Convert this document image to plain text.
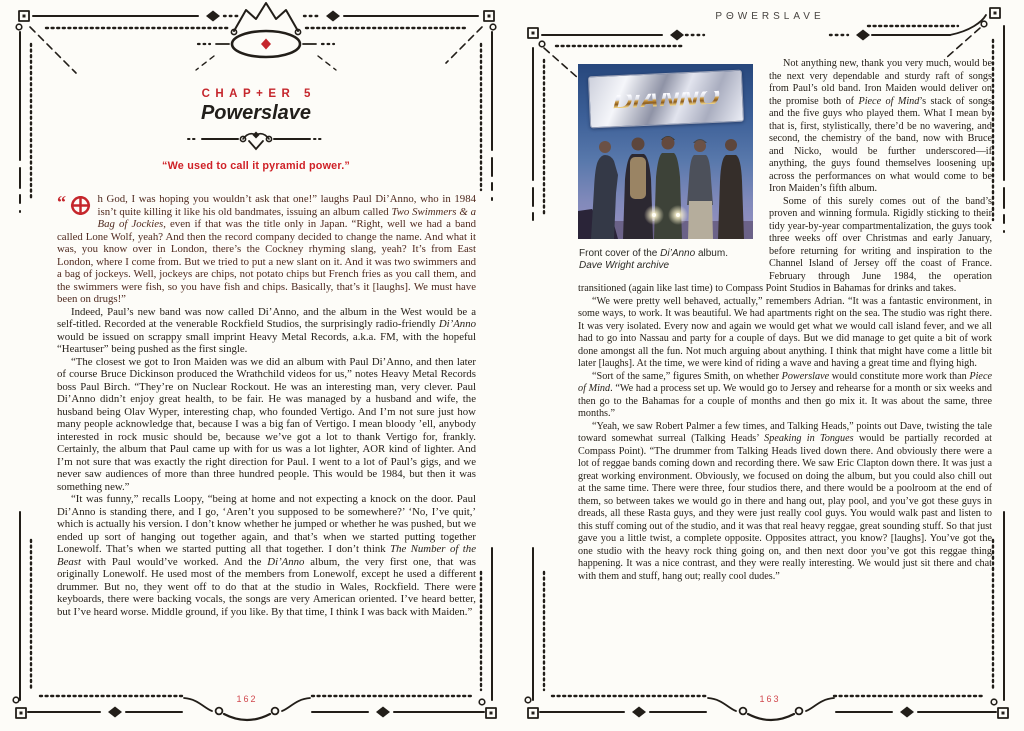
CHAP+ER 5
Powerslave
“We used to call it pyramid power.”

“	h God, I was hoping you wouldn’t ask that one!” laughs Paul Di’Anno, who in 1984 isn’t quite killing it like his old bandmates, issuing an album called Two Swimmers & a Bag of Jockies, even if that was the title only in Japan. “Right, well we had a band called Lone Wolf, yeah? And then the record company decided to change the name. And what it was, you know over in London, there’s the Cockney rhyming slang, yeah? It’s from East London, where I come from. But we tried to put a new slant on it. And it was two swimmers and a bag of jockeys. Well, jockeys are chips, not potato chips but French fries as you call them, and the swimmers were fish, so you have fish and chips. Basically, that’s it [laughs]. We must have been on drugs!”

Indeed, Paul’s new band was now called Di’Anno, and the album in the West would be a self-titled. Recorded at the venerable Rockfield Studios, the surprisingly radio-friendly Di’Anno would be issued on scrappy small imprint Heavy Metal Records, a.k.a. FM, with the hopeful “Heartuser” being pushed as the first single.

“The closest we got to Iron Maiden was we did an album with Paul Di’Anno, and then later of course Bruce Dickinson produced the Wrathchild videos for us,” notes Heavy Metal Records boss Paul Birch. “They’re on Nuclear Rockout. He was an interesting man, very clever. Paul Di’Anno didn’t enjoy great health, to be fair. He was managed by a husband and wife, the husband being Olav Wyper, interesting chap, who founded Vertigo. And I’m not sure just how many people acknowledge that, because I was a big fan of Vertigo. I mean bloody ’ell, anybody interested in rock music should be, because we’ve got a lot to thank Vertigo for, frankly. Certainly, the album that Paul came up with for us was a lot lighter, AOR kind of lighter. And I’m not sure that was exactly the right direction for Paul. I went to a lot of Paul’s gigs, and we never saw audiences of more than three hundred people. This would be 1984, but then it was something new.”

“It was funny,” recalls Loopy, “being at home and not expecting a knock on the door. Paul Di’Anno is standing there, and I go, ‘Aren’t you supposed to be somewhere?’ ‘No, I’ve quit,’ which is actually his version. I don’t know whether he jumped or whether he was pushed, but we ended up sort of hanging out together again, and that’s when we started putting together Lonewolf. That’s when we started putting all that together. I don’t think The Number of the Beast with Paul would’ve worked. And the Di’Anno album, the very first one, that was originally Lonewolf. He used most of the members from Lonewolf, except he used a different drummer. But no, they went off to do that at the studio in Wales, Rockfield. There were keyboards, there were backing vocals, the songs are very American oriented. I’ve heard better, but I’ve heard worse. Middle ground, if you like. By that time, I think I was back with Maiden.”

162
PΘWERSLAVE
DiANNO
Front cover of the Di’Anno album.
Dave Wright archive

Not anything new, thank you very much, would be the next very dependable and sturdy raft of songs from Paul’s old band. Iron Maiden would deliver on the promise both of Piece of Mind’s stack of songs and the five guys who played them. What I mean by that is, first, stylistically, there’d be no wavering, and second, the chemistry of the band, now with Bruce and Nicko, would be further underscored—if anything, the guys found themselves loosening up across the performances on what would come to be Iron Maiden’s fifth album.

Some of this surely comes out of the band’s proven and winning formula. Rigidly sticking to their tidy year-by-year compartmentalization, the guys took three weeks off over Christmas and early January, before returning for writing and inspiration to the Channel Island of Jersey off the coast of France. February through June 1984, the operation transitioned (again like last time) to Compass Point Studios in Bahamas for drinks and takes.

“We were pretty well behaved, actually,” remembers Adrian. “It was a fantastic environment, in some ways, to work. It was beautiful. We had apartments right on the sea. The studio was right there. It was very isolated. Every now and again we would get what we would call island fever, and we all had to go into Nassau and party for a couple of days. But we did manage to get quite a bit of work done amongst all the fun. Not much arguing about anything. I think that might have come a little bit later [laughs]. At the time, we were kind of riding a wave and having a great time and flying high.

“Sort of the same,” figures Smith, on whether Powerslave would constitute more work than Piece of Mind. “We had a process set up. We would go to Jersey and rehearse for a month or six weeks and then go to the Bahamas for a couple of months and then go mix it. It was about the same, three months.”

“Yeah, we saw Robert Palmer a few times, and Talking Heads,” points out Dave, twisting the tale toward somewhat surreal (Talking Heads’ Speaking in Tongues would be partially recorded at Compass Point). “The drummer from Talking Heads lived down there. And obviously there were a lot of reggae bands coming down and recording there. We saw Eric Clapton down there. It was just a great working environment. Obviously, we focused on doing the album, but you could also chill out at the same time. There were three, four studios there, and there would be a poolroom at the end of them, so between takes we would go in there and hang out, play pool, and you’ve got these guys in dreads, all these Rasta guys, and they were just really cool guys. You would walk past and listen to this stuff coming out of the studio, and it was that real heavy reggae, great sounding stuff. So that just gave you a little twist, a complete opposite. Opposites attract, you know? [laughs]. You’ve got the one studio with the heavy rock thing going on, and then next door you’ve got this reggae thing happening. It was a nice contrast, and they were really interesting. We would just sit there and chat with them and stuff, hang out; really cool dudes.”

163
